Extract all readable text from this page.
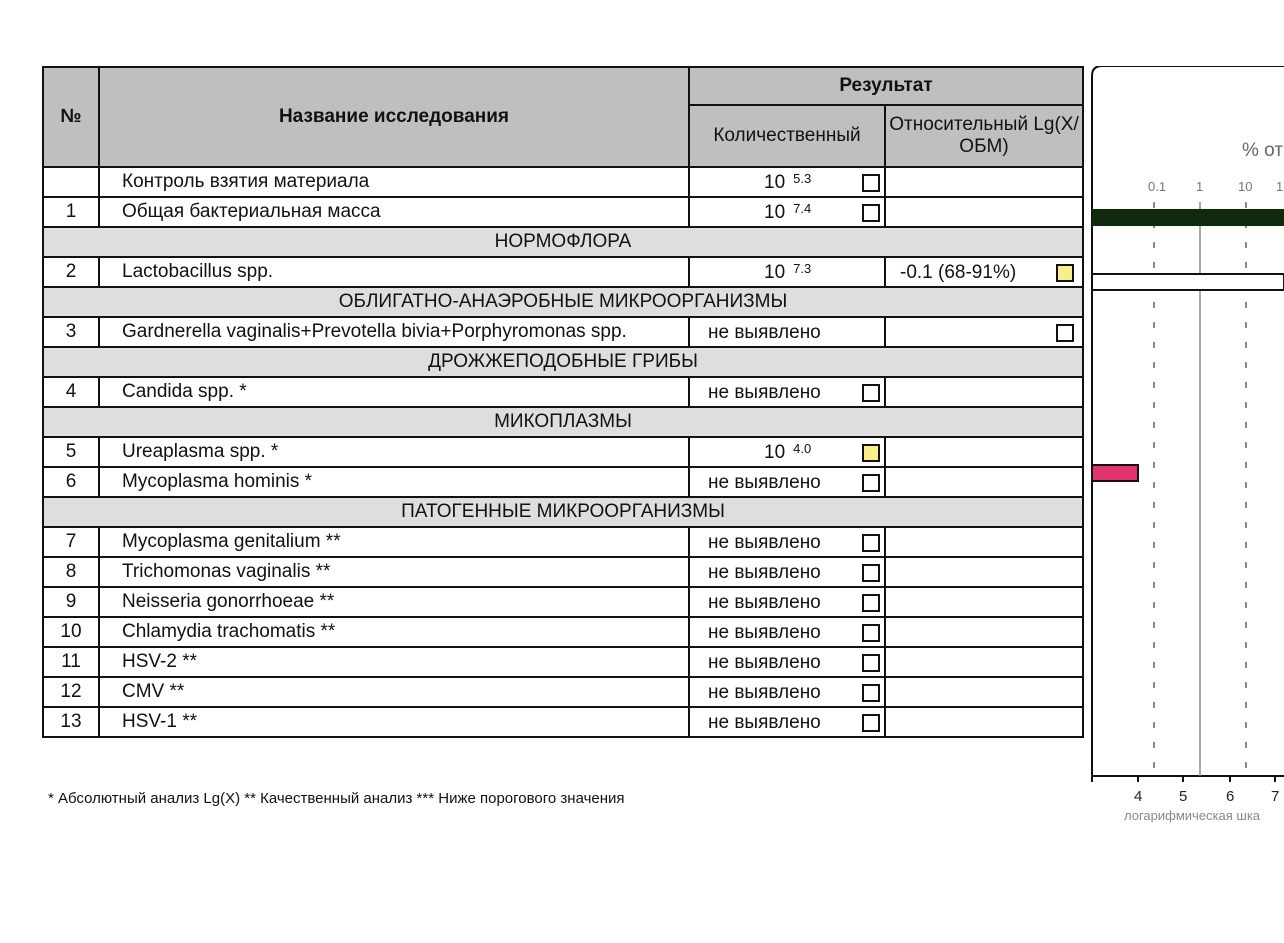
№	Название исследования	Результат	
		Количественный	Относительный Lg(X/ОБМ)
	Контроль взятия материала	10 $^{5.3}$

1	Общая бактериальная масса	10 $^{7.4}$

НОРМОФЛОРА			
2	Lactobacillus spp.	10 $^{7.3}$	-0.1 (68-91%)

ОБЛИГАТНО-АНАЭРОБНЫЕ МИКРООРГАНИЗМЫ			
3	Gardnerella vaginalis+Prevotella bivia+Porphyromonas spp.	не выявлено	

ДРОЖЖЕПОДОБНЫЕ ГРИБЫ			
4	Candida spp. *	не выявлено	

МИКОПЛАЗМЫ			
5	Ureaplasma spp. *	10 $^{4.0}$

6	Mycoplasma hominis *	не выявлено	

ПАТОГЕННЫЕ МИКРООРГАНИЗМЫ			
7	Mycoplasma genitalium **	не выявлено	

8	Trichomonas vaginalis **	не выявлено	

9	Neisseria gonorrhoeae **	не выявлено	

10	Chlamydia trachomatis **	не выявлено	

11	HSV-2 **	не выявлено	

12	CMV **	не выявлено	

13	HSV-1 **	не выявлено	

* Абсолютный анализ Lg(X) ** Качественный анализ *** Ниже порогового значения
% от
0.1 1	10 1
4 5	6 7
логарифмическая шка
